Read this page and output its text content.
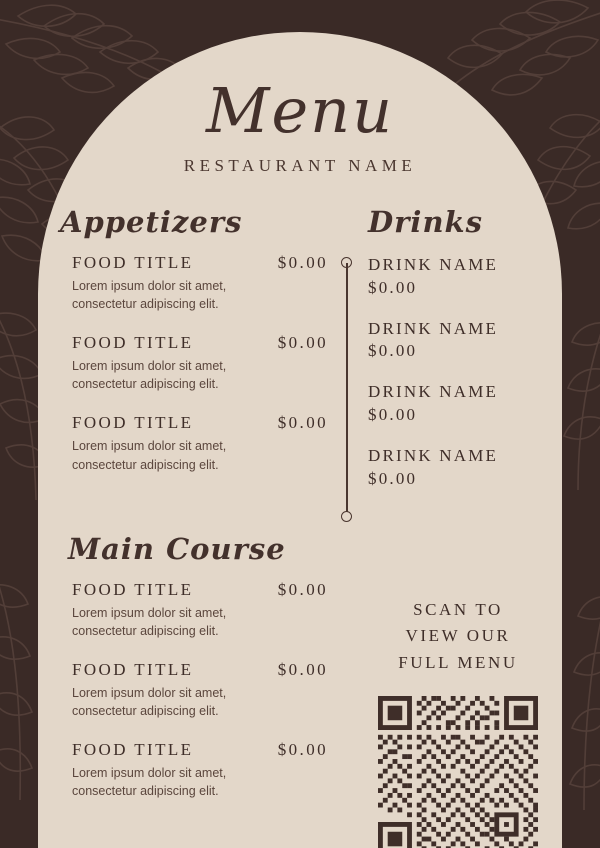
Menu
RESTAURANT NAME
Appetizers
FOOD TITLE	$0.00
Lorem ipsum dolor sit amet, consectetur adipiscing elit.
FOOD TITLE	$0.00
Lorem ipsum dolor sit amet, consectetur adipiscing elit.
FOOD TITLE	$0.00
Lorem ipsum dolor sit amet, consectetur adipiscing elit.
Main Course
FOOD TITLE	$0.00
Lorem ipsum dolor sit amet, consectetur adipiscing elit.
FOOD TITLE	$0.00
Lorem ipsum dolor sit amet, consectetur adipiscing elit.
FOOD TITLE	$0.00
Lorem ipsum dolor sit amet, consectetur adipiscing elit.
Drinks
DRINK NAME
$0.00
DRINK NAME
$0.00
DRINK NAME
$0.00
DRINK NAME
$0.00
SCAN TO
VIEW OUR
FULL MENU
